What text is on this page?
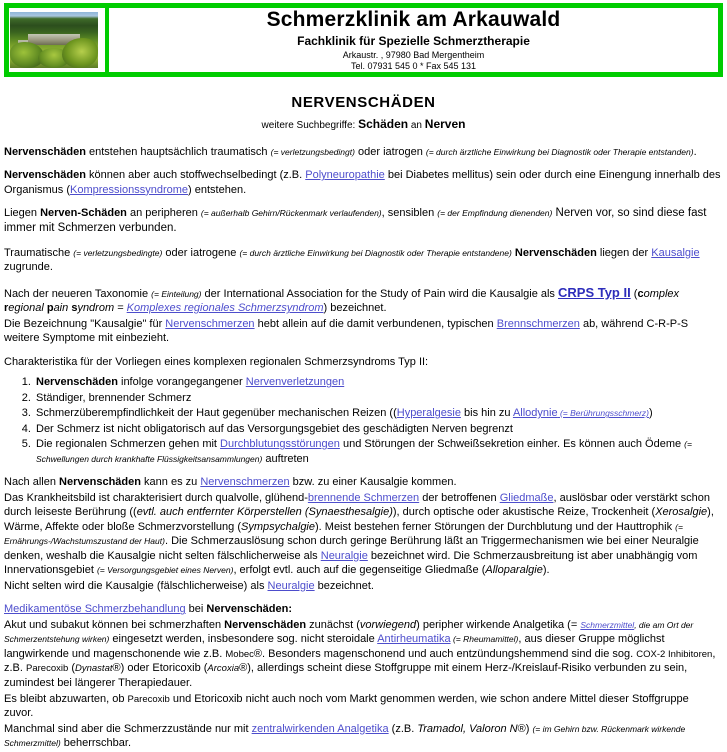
Schmerzklinik am Arkauwald
Fachklinik für Spezielle Schmerztherapie
Arkaustr. , 97980 Bad Mergentheim
Tel. 07931 545 0 * Fax 545 131
NERVENSCHÄDEN
weitere Suchbegriffe: Schäden an Nerven

Nervenschäden entstehen hauptsächlich traumatisch (= verletzungsbedingt) oder iatrogen (= durch ärztliche Einwirkung bei Diagnostik oder Therapie entstanden).

Nervenschäden können aber auch stoffwechselbedingt (z.B. Polyneuropathie bei Diabetes mellitus) sein oder durch eine Einengung innerhalb des Organismus (Kompressionssyndrome) entstehen.

Liegen Nerven-Schäden an peripheren (= außerhalb Gehirn/Rückenmark verlaufenden), sensiblen (= der Empfindung dienenden) Nerven vor, so sind diese fast immer mit Schmerzen verbunden.

Traumatische (= verletzungsbedingte) oder iatrogene (= durch ärztliche Einwirkung bei Diagnostik oder Therapie entstandene) Nervenschäden liegen der Kausalgie zugrunde.

Nach der neueren Taxonomie (= Einteilung) der International Association for the Study of Pain wird die Kausalgie als CRPS Typ II (complex regional pain syndrom = Komplexes regionales Schmerzsyndrom) bezeichnet.

Die Bezeichnung "Kausalgie" für Nervenschmerzen hebt allein auf die damit verbundenen, typischen Brennschmerzen ab, während C-R-P-S weitere Symptome mit einbezieht.

Charakteristika für der Vorliegen eines komplexen regionalen Schmerzsyndroms Typ II:

1. Nervenschäden infolge vorangegangener Nervenverletzungen
2. Ständiger, brennender Schmerz
3. Schmerzüberempfindlichkeit der Haut gegenüber mechanischen Reizen ((Hyperalgesie bis hin zu Allodynie (= Berührungsschmerz))
4. Der Schmerz ist nicht obligatorisch auf das Versorgungsgebiet des geschädigten Nerven begrenzt
5. Die regionalen Schmerzen gehen mit Durchblutungsstörungen und Störungen der Schweißsekretion einher. Es können auch Ödeme (= Schwellungen durch krankhafte Flüssigkeitsansammlungen) auftreten

Nach allen Nervenschäden kann es zu Nervenschmerzen bzw. zu einer Kausalgie kommen.

Das Krankheitsbild ist charakterisiert durch qualvolle, glühend-brennende Schmerzen der betroffenen Gliedmaße, auslösbar oder verstärkt schon durch leiseste Berührung ((evtl. auch entfernter Körperstellen (Synaesthesalgie)), durch optische oder akustische Reize, Trockenheit (Xerosalgie), Wärme, Affekte oder bloße Schmerzvorstellung (Sympsychalgie). Meist bestehen ferner Störungen der Durchblutung und der Hauttrophik (= Ernährungs-/Wachstumszustand der Haut). Die Schmerzauslösung schon durch geringe Berührung läßt an Triggermechanismen wie bei einer Neuralgie denken, weshalb die Kausalgie nicht selten fälschlicherweise als Neuralgie bezeichnet wird. Die Schmerzausbreitung ist aber unabhängig vom Innervationsgebiet (= Versorgungsgebiet eines Nerven), erfolgt evtl. auch auf die gegenseitige Gliedmaße (Alloparalgie).

Nicht selten wird die Kausalgie (fälschlicherweise) als Neuralgie bezeichnet.

Medikamentöse Schmerzbehandlung bei Nervenschäden:

Akut und subakut können bei schmerzhaften Nervenschäden zunächst (vorwiegend) peripher wirkende Analgetika (= Schmerzmittel, die am Ort der Schmerzentstehung wirken) eingesetzt werden, insbesondere sog. nicht steroidale Antirheumatika (= Rheumamittel), aus dieser Gruppe möglichst langwirkende und magenschonende wie z.B. Mobec®. Besonders magenschonend und auch entzündungshemmend sind die sog. COX-2 Inhibitoren, z.B. Parecoxib (Dynastat®) oder Etoricoxib (Arcoxia®), allerdings scheint diese Stoffgruppe mit einem Herz-/Kreislauf-Risiko verbunden zu sein, zumindest bei längerer Therapiedauer.

Es bleibt abzuwarten, ob Parecoxib und Etoricoxib nicht auch noch vom Markt genommen werden, wie schon andere Mittel dieser Stoffgruppe zuvor.

Manchmal sind aber die Schmerzzustände nur mit zentralwirkenden Analgetika (z.B. Tramadol, Valoron N®) (= im Gehirn bzw. Rückenmark wirkende Schmerzmittel) beherrschbar.
